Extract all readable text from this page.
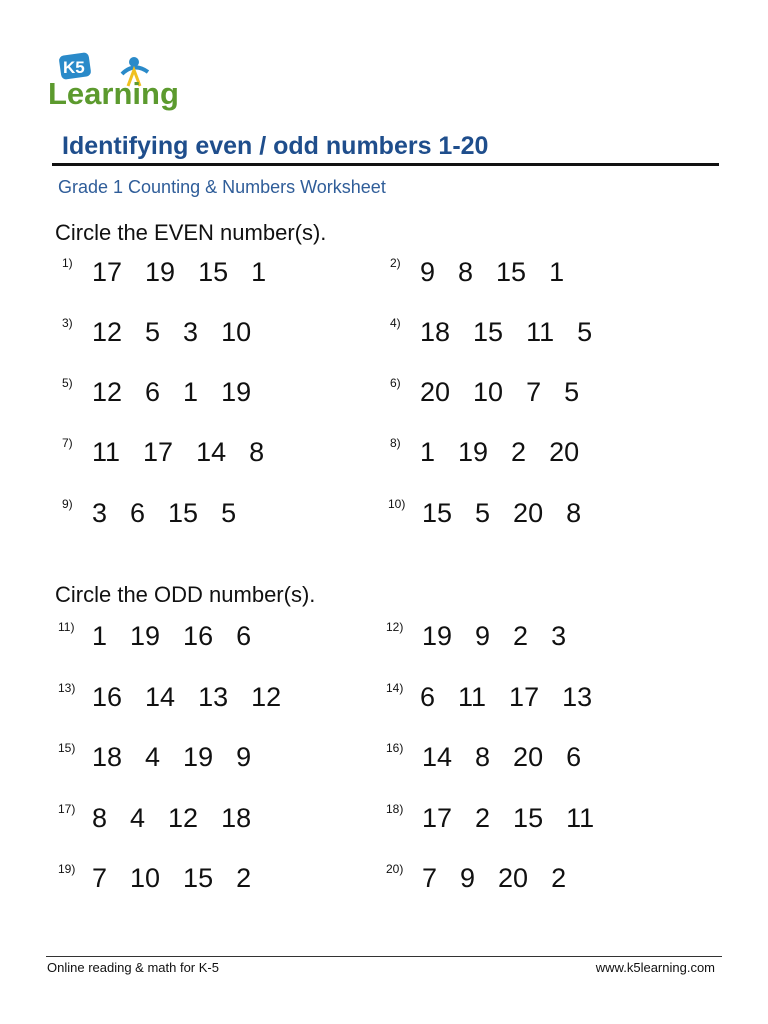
K5
Learning
Identifying even / odd numbers 1-20
Grade 1 Counting & Numbers Worksheet
Circle the EVEN number(s).
1) 17  19  15  1	2) 9  8  15  1
3) 12  5  3  10	4) 18  15  11  5
5) 12  6  1  19	6) 20  10  7  5
7) 11  17  14  8	8) 1  19  2  20
9) 3  6  15  5	10) 15  5  20  8
Circle the ODD number(s).
11) 1  19  16  6	12) 19  9  2  3
13) 16  14  13  12	14) 6  11  17  13
15) 18  4  19  9	16) 14  8  20  6
17) 8  4  12  18	18) 17  2  15  11
19) 7  10  15  2	20) 7  9  20  2
Online reading & math for K-5	www.k5learning.com
